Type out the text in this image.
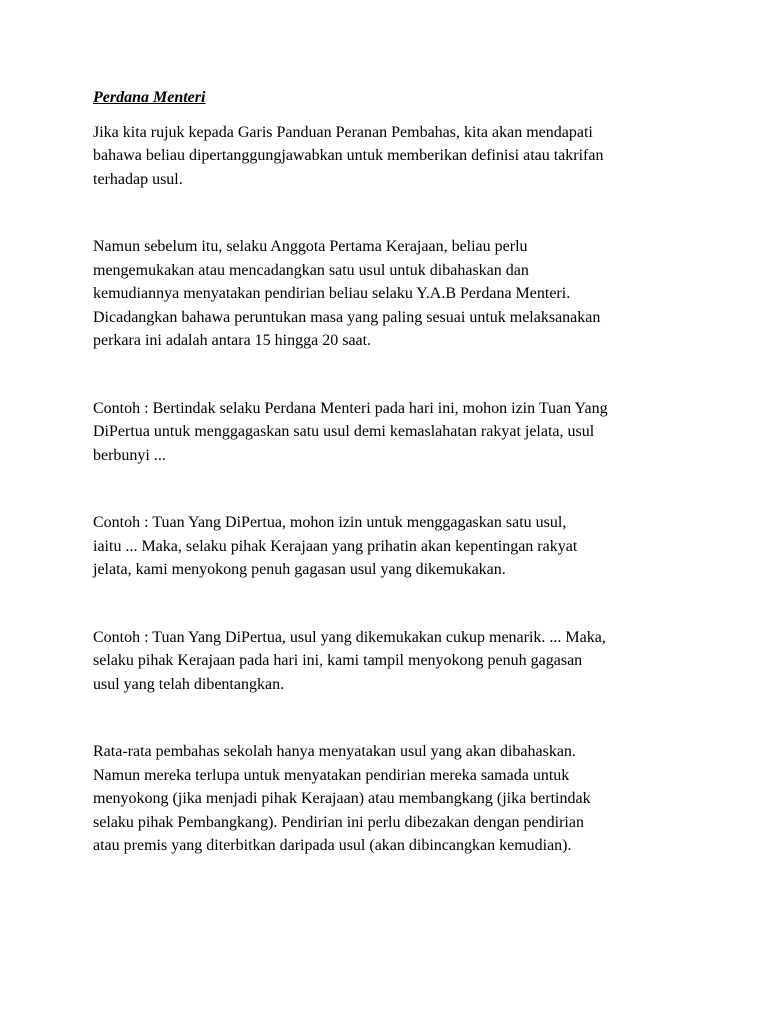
Perdana Menteri

Jika kita rujuk kepada Garis Panduan Peranan Pembahas, kita akan mendapati
bahawa beliau dipertanggungjawabkan untuk memberikan definisi atau takrifan
terhadap usul.

Namun sebelum itu, selaku Anggota Pertama Kerajaan, beliau perlu
mengemukakan atau mencadangkan satu usul untuk dibahaskan dan
kemudiannya menyatakan pendirian beliau selaku Y.A.B Perdana Menteri.
Dicadangkan bahawa peruntukan masa yang paling sesuai untuk melaksanakan
perkara ini adalah antara 15 hingga 20 saat.

Contoh : Bertindak selaku Perdana Menteri pada hari ini, mohon izin Tuan Yang
DiPertua untuk menggagaskan satu usul demi kemaslahatan rakyat jelata, usul
berbunyi ...

Contoh : Tuan Yang DiPertua, mohon izin untuk menggagaskan satu usul,
iaitu ... Maka, selaku pihak Kerajaan yang prihatin akan kepentingan rakyat
jelata, kami menyokong penuh gagasan usul yang dikemukakan.

Contoh : Tuan Yang DiPertua, usul yang dikemukakan cukup menarik. ... Maka,
selaku pihak Kerajaan pada hari ini, kami tampil menyokong penuh gagasan
usul yang telah dibentangkan.

Rata-rata pembahas sekolah hanya menyatakan usul yang akan dibahaskan.
Namun mereka terlupa untuk menyatakan pendirian mereka samada untuk
menyokong (jika menjadi pihak Kerajaan) atau membangkang (jika bertindak
selaku pihak Pembangkang). Pendirian ini perlu dibezakan dengan pendirian
atau premis yang diterbitkan daripada usul (akan dibincangkan kemudian).
